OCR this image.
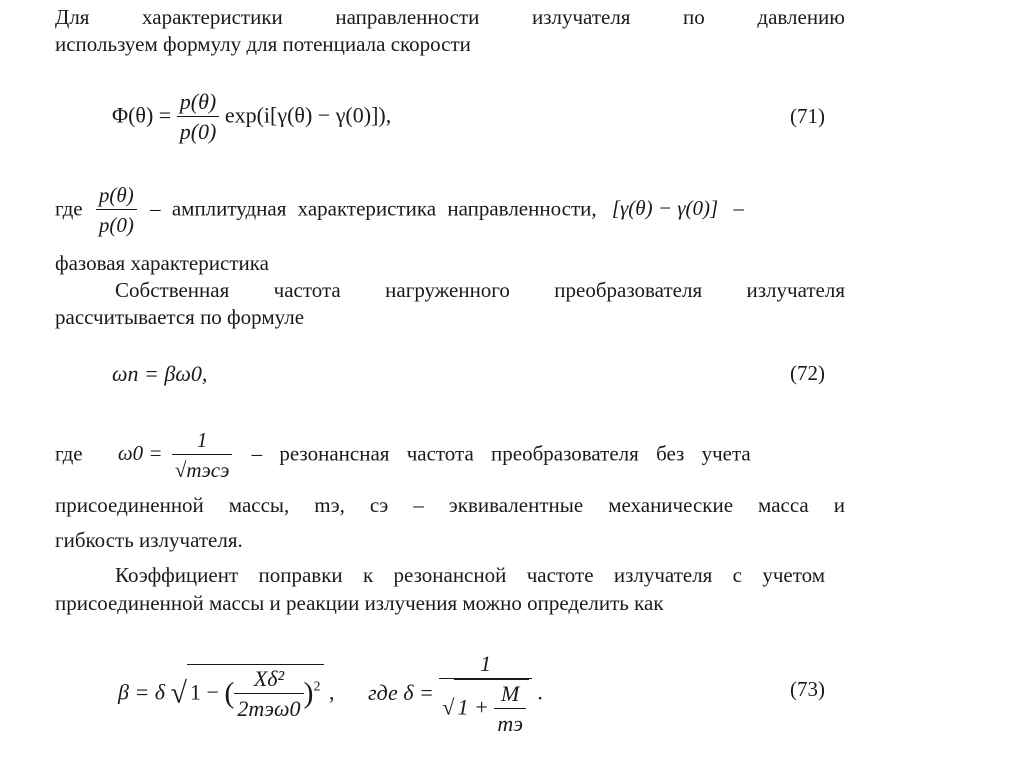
Для характеристики направленности излучателя по давлению
используем формулу для потенциала скорости
$\Phi(\theta) = \frac{p(\theta)}{p(0)} \exp(i[\gamma(\theta) - \gamma(0)])$,	(71)
где $\frac{p(\theta)}{p(0)}$ – амплитудная характеристика направленности, [γ(θ) − γ(0)] –
фазовая характеристика
Собственная частота нагруженного преобразователя излучателя
рассчитывается по формуле
ωn = βω0,	(72)
где $\omega 0 = \frac{1}{\text{√mэcэ}}$ – резонансная частота преобразователя без учета
присоединенной массы, mэ, cэ – эквивалентные механические масса и
гибкость излучателя.
Коэффициент поправки к резонансной частоте излучателя с учетом
присоединенной массы и реакции излучения можно определить как
β = δ √ 1 − ( $\frac{\text{Xδ²}}{\text{2mэω0}} )^2$ , где $\delta = \frac{1}{√ 1 + \frac{M}{mэ}}$ .	(73)
